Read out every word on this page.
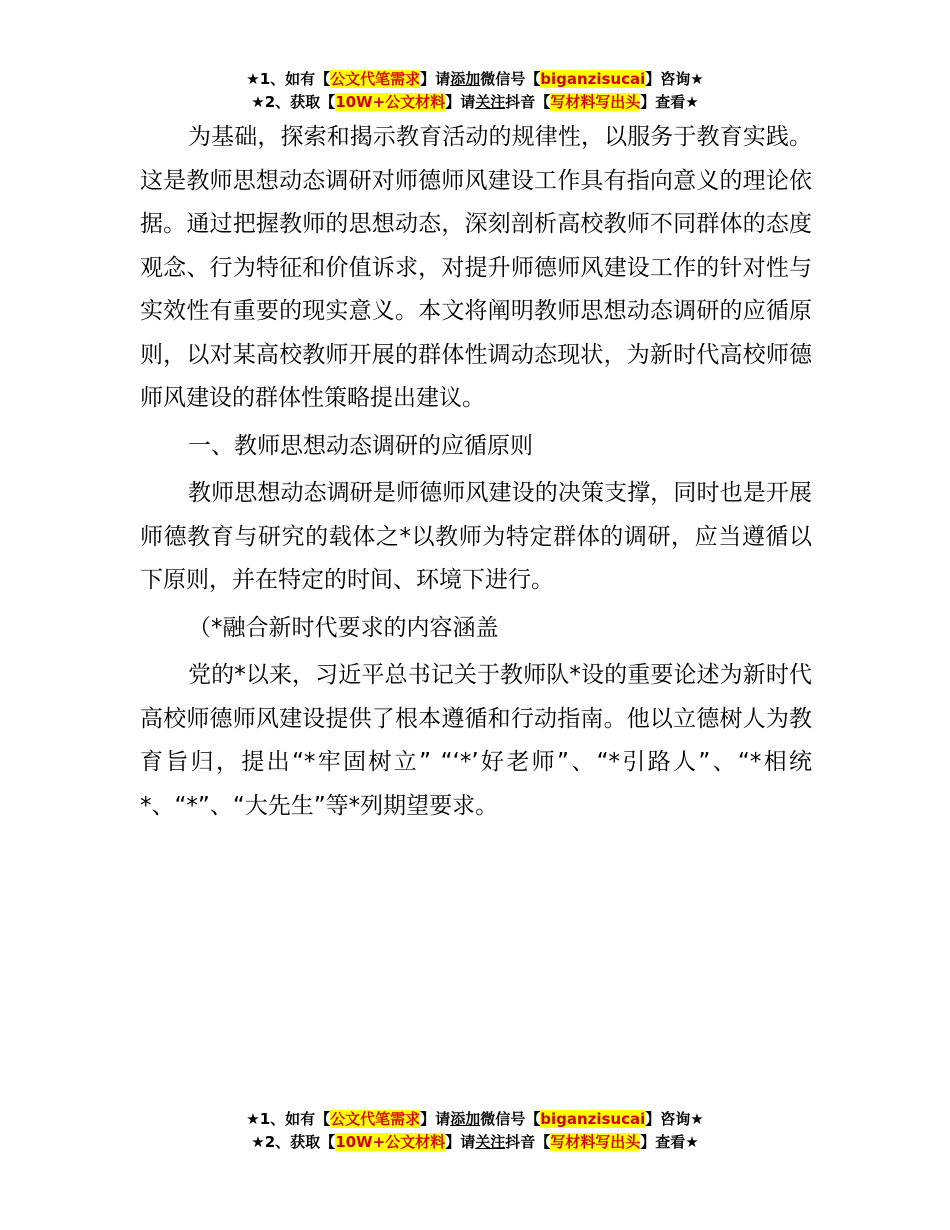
★1、如有【公文代笔需求】请添加微信号【biganzisucai】咨询★
★2、获取【10W+公文材料】请关注抖音【写材料写出头】查看★

为基础，探索和揭示教育活动的规律性，以服务于教育实践。这是教师思想动态调研对师德师风建设工作具有指向意义的理论依据。通过把握教师的思想动态，深刻剖析高校教师不同群体的态度观念、行为特征和价值诉求，对提升师德师风建设工作的针对性与实效性有重要的现实意义。本文将阐明教师思想动态调研的应循原则，以对某高校教师开展的群体性调动态现状，为新时代高校师德师风建设的群体性策略提出建议。

一、教师思想动态调研的应循原则

教师思想动态调研是师德师风建设的决策支撑，同时也是开展师德教育与研究的载体之*以教师为特定群体的调研，应当遵循以下原则，并在特定的时间、环境下进行。

（*融合新时代要求的内容涵盖

党的*以来，习近平总书记关于教师队*设的重要论述为新时代高校师德师风建设提供了根本遵循和行动指南。他以立德树人为教育旨归，提出“*牢固树立” “‘*’好老师”、“*引路人”、“*相统*、“*”、“大先生”等*列期望要求。

★1、如有【公文代笔需求】请添加微信号【biganzisucai】咨询★
★2、获取【10W+公文材料】请关注抖音【写材料写出头】查看★
